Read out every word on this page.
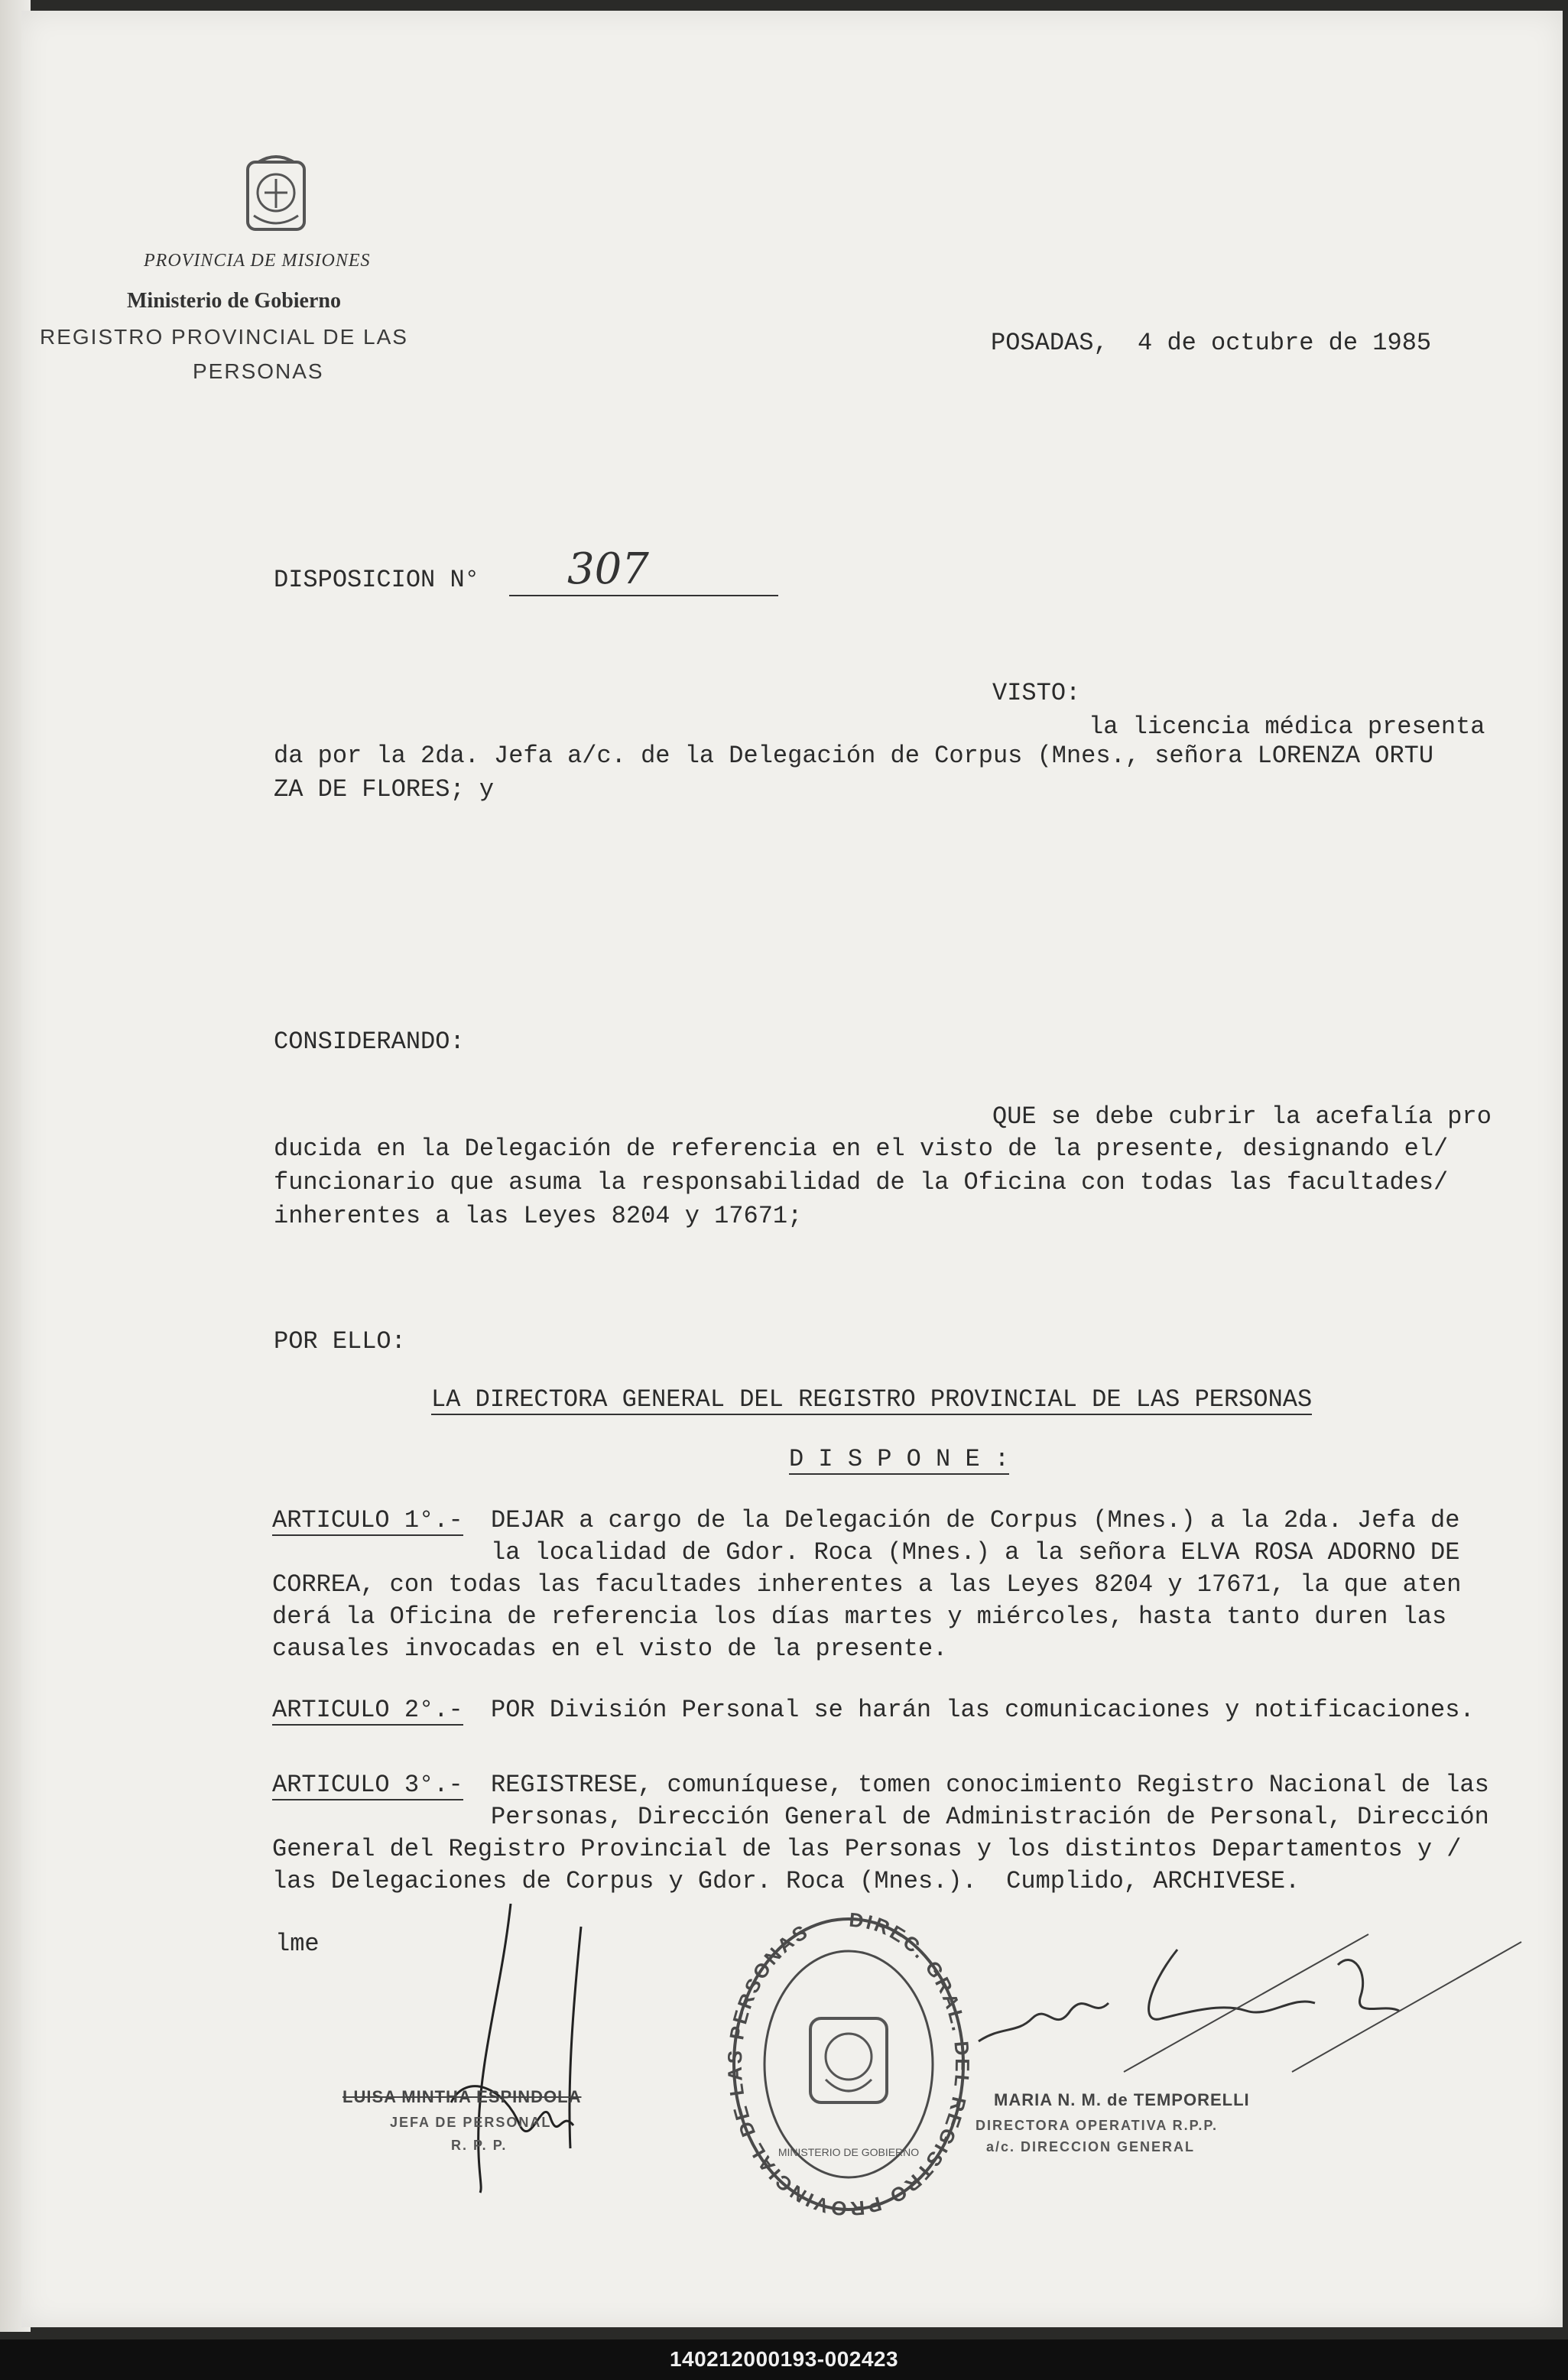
PROVINCIA DE MISIONES
Ministerio de Gobierno
REGISTRO PROVINCIAL DE LAS
PERSONAS
POSADAS,  4 de octubre de 1985
DISPOSICION N° 307
VISTO:
la licencia médica presenta
da por la 2da. Jefa a/c. de la Delegación de Corpus (Mnes., señora LORENZA ORTU
ZA DE FLORES; y
CONSIDERANDO:
QUE se debe cubrir la acefalía pro
ducida en la Delegación de referencia en el visto de la presente, designando el/
funcionario que asuma la responsabilidad de la Oficina con todas las facultades/
inherentes a las Leyes 8204 y 17671;
POR ELLO:
LA DIRECTORA GENERAL DEL REGISTRO PROVINCIAL DE LAS PERSONAS
D I S P O N E :
ARTICULO 1°.- DEJAR a cargo de la Delegación de Corpus (Mnes.) a la 2da. Jefa de
la localidad de Gdor. Roca (Mnes.) a la señora ELVA ROSA ADORNO DE
CORREA, con todas las facultades inherentes a las Leyes 8204 y 17671, la que aten
derá la Oficina de referencia los días martes y miércoles, hasta tanto duren las
causales invocadas en el visto de la presente.
ARTICULO 2°.- POR División Personal se harán las comunicaciones y notificaciones.
ARTICULO 3°.- REGISTRESE, comuníquese, tomen conocimiento Registro Nacional de las
Personas, Dirección General de Administración de Personal, Dirección
General del Registro Provincial de las Personas y los distintos Departamentos y /
las Delegaciones de Corpus y Gdor. Roca (Mnes.).  Cumplido, ARCHIVESE.
lme
LUISA MINTHA ESPINDOLA
JEFA DE PERSONAL
R. P. P.
DIREC. GRAL. DEL REGISTRO PROVINCIAL DE LAS PERSONAS
MINISTERIO DE GOBIERNO
MARIA N. M. de TEMPORELLI
DIRECTORA OPERATIVA R.P.P.
a/c. DIRECCION GENERAL
140212000193-002423
